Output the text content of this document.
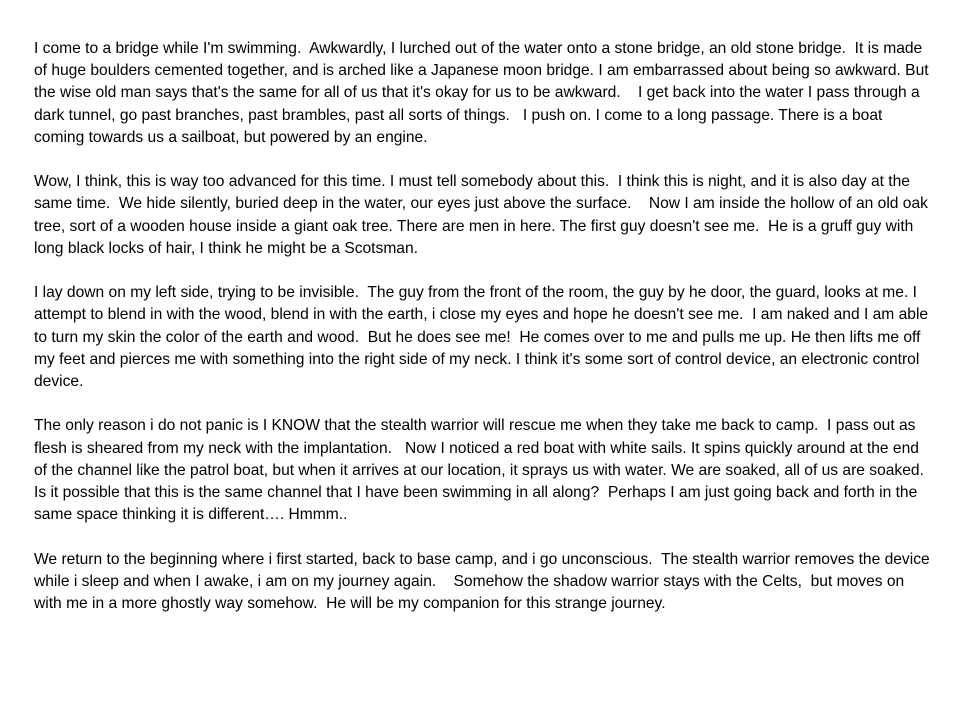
I come to a bridge while I'm swimming.  Awkwardly, I lurched out of the water onto a stone bridge, an old stone bridge.  It is made of huge boulders cemented together, and is arched like a Japanese moon bridge. I am embarrassed about being so awkward. But the wise old man says that's the same for all of us that it's okay for us to be awkward.    I get back into the water I pass through a dark tunnel, go past branches, past brambles, past all sorts of things.   I push on. I come to a long passage. There is a boat coming towards us a sailboat, but powered by an engine.

Wow, I think, this is way too advanced for this time. I must tell somebody about this.  I think this is night, and it is also day at the same time.  We hide silently, buried deep in the water, our eyes just above the surface.    Now I am inside the hollow of an old oak tree, sort of a wooden house inside a giant oak tree. There are men in here. The first guy doesn't see me.  He is a gruff guy with long black locks of hair, I think he might be a Scotsman.

I lay down on my left side, trying to be invisible.  The guy from the front of the room, the guy by he door, the guard, looks at me. I attempt to blend in with the wood, blend in with the earth, i close my eyes and hope he doesn't see me.  I am naked and I am able to turn my skin the color of the earth and wood.  But he does see me!  He comes over to me and pulls me up. He then lifts me off my feet and pierces me with something into the right side of my neck. I think it's some sort of control device, an electronic control device.

The only reason i do not panic is I KNOW that the stealth warrior will rescue me when they take me back to camp.  I pass out as flesh is sheared from my neck with the implantation.   Now I noticed a red boat with white sails. It spins quickly around at the end of the channel like the patrol boat, but when it arrives at our location, it sprays us with water. We are soaked, all of us are soaked.  Is it possible that this is the same channel that I have been swimming in all along?  Perhaps I am just going back and forth in the same space thinking it is different…. Hmmm..

We return to the beginning where i first started, back to base camp, and i go unconscious.  The stealth warrior removes the device while i sleep and when I awake, i am on my journey again.    Somehow the shadow warrior stays with the Celts,  but moves on with me in a more ghostly way somehow.  He will be my companion for this strange journey.
